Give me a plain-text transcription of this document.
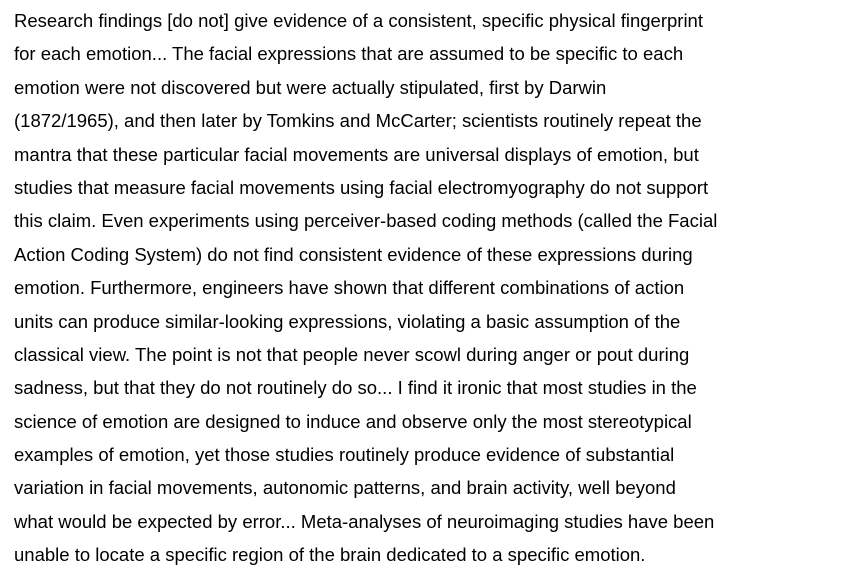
Research findings [do not] give evidence of a consistent, specific physical fingerprint
for each emotion... The facial expressions that are assumed to be specific to each
emotion were not discovered but were actually stipulated, first by Darwin
(1872/1965), and then later by Tomkins and McCarter; scientists routinely repeat the
mantra that these particular facial movements are universal displays of emotion, but
studies that measure facial movements using facial electromyography do not support
this claim. Even experiments using perceiver-based coding methods (called the Facial
Action Coding System) do not find consistent evidence of these expressions during
emotion. Furthermore, engineers have shown that different combinations of action
units can produce similar-looking expressions, violating a basic assumption of the
classical view. The point is not that people never scowl during anger or pout during
sadness, but that they do not routinely do so... I find it ironic that most studies in the
science of emotion are designed to induce and observe only the most stereotypical
examples of emotion, yet those studies routinely produce evidence of substantial
variation in facial movements, autonomic patterns, and brain activity, well beyond
what would be expected by error... Meta-analyses of neuroimaging studies have been
unable to locate a specific region of the brain dedicated to a specific emotion.
